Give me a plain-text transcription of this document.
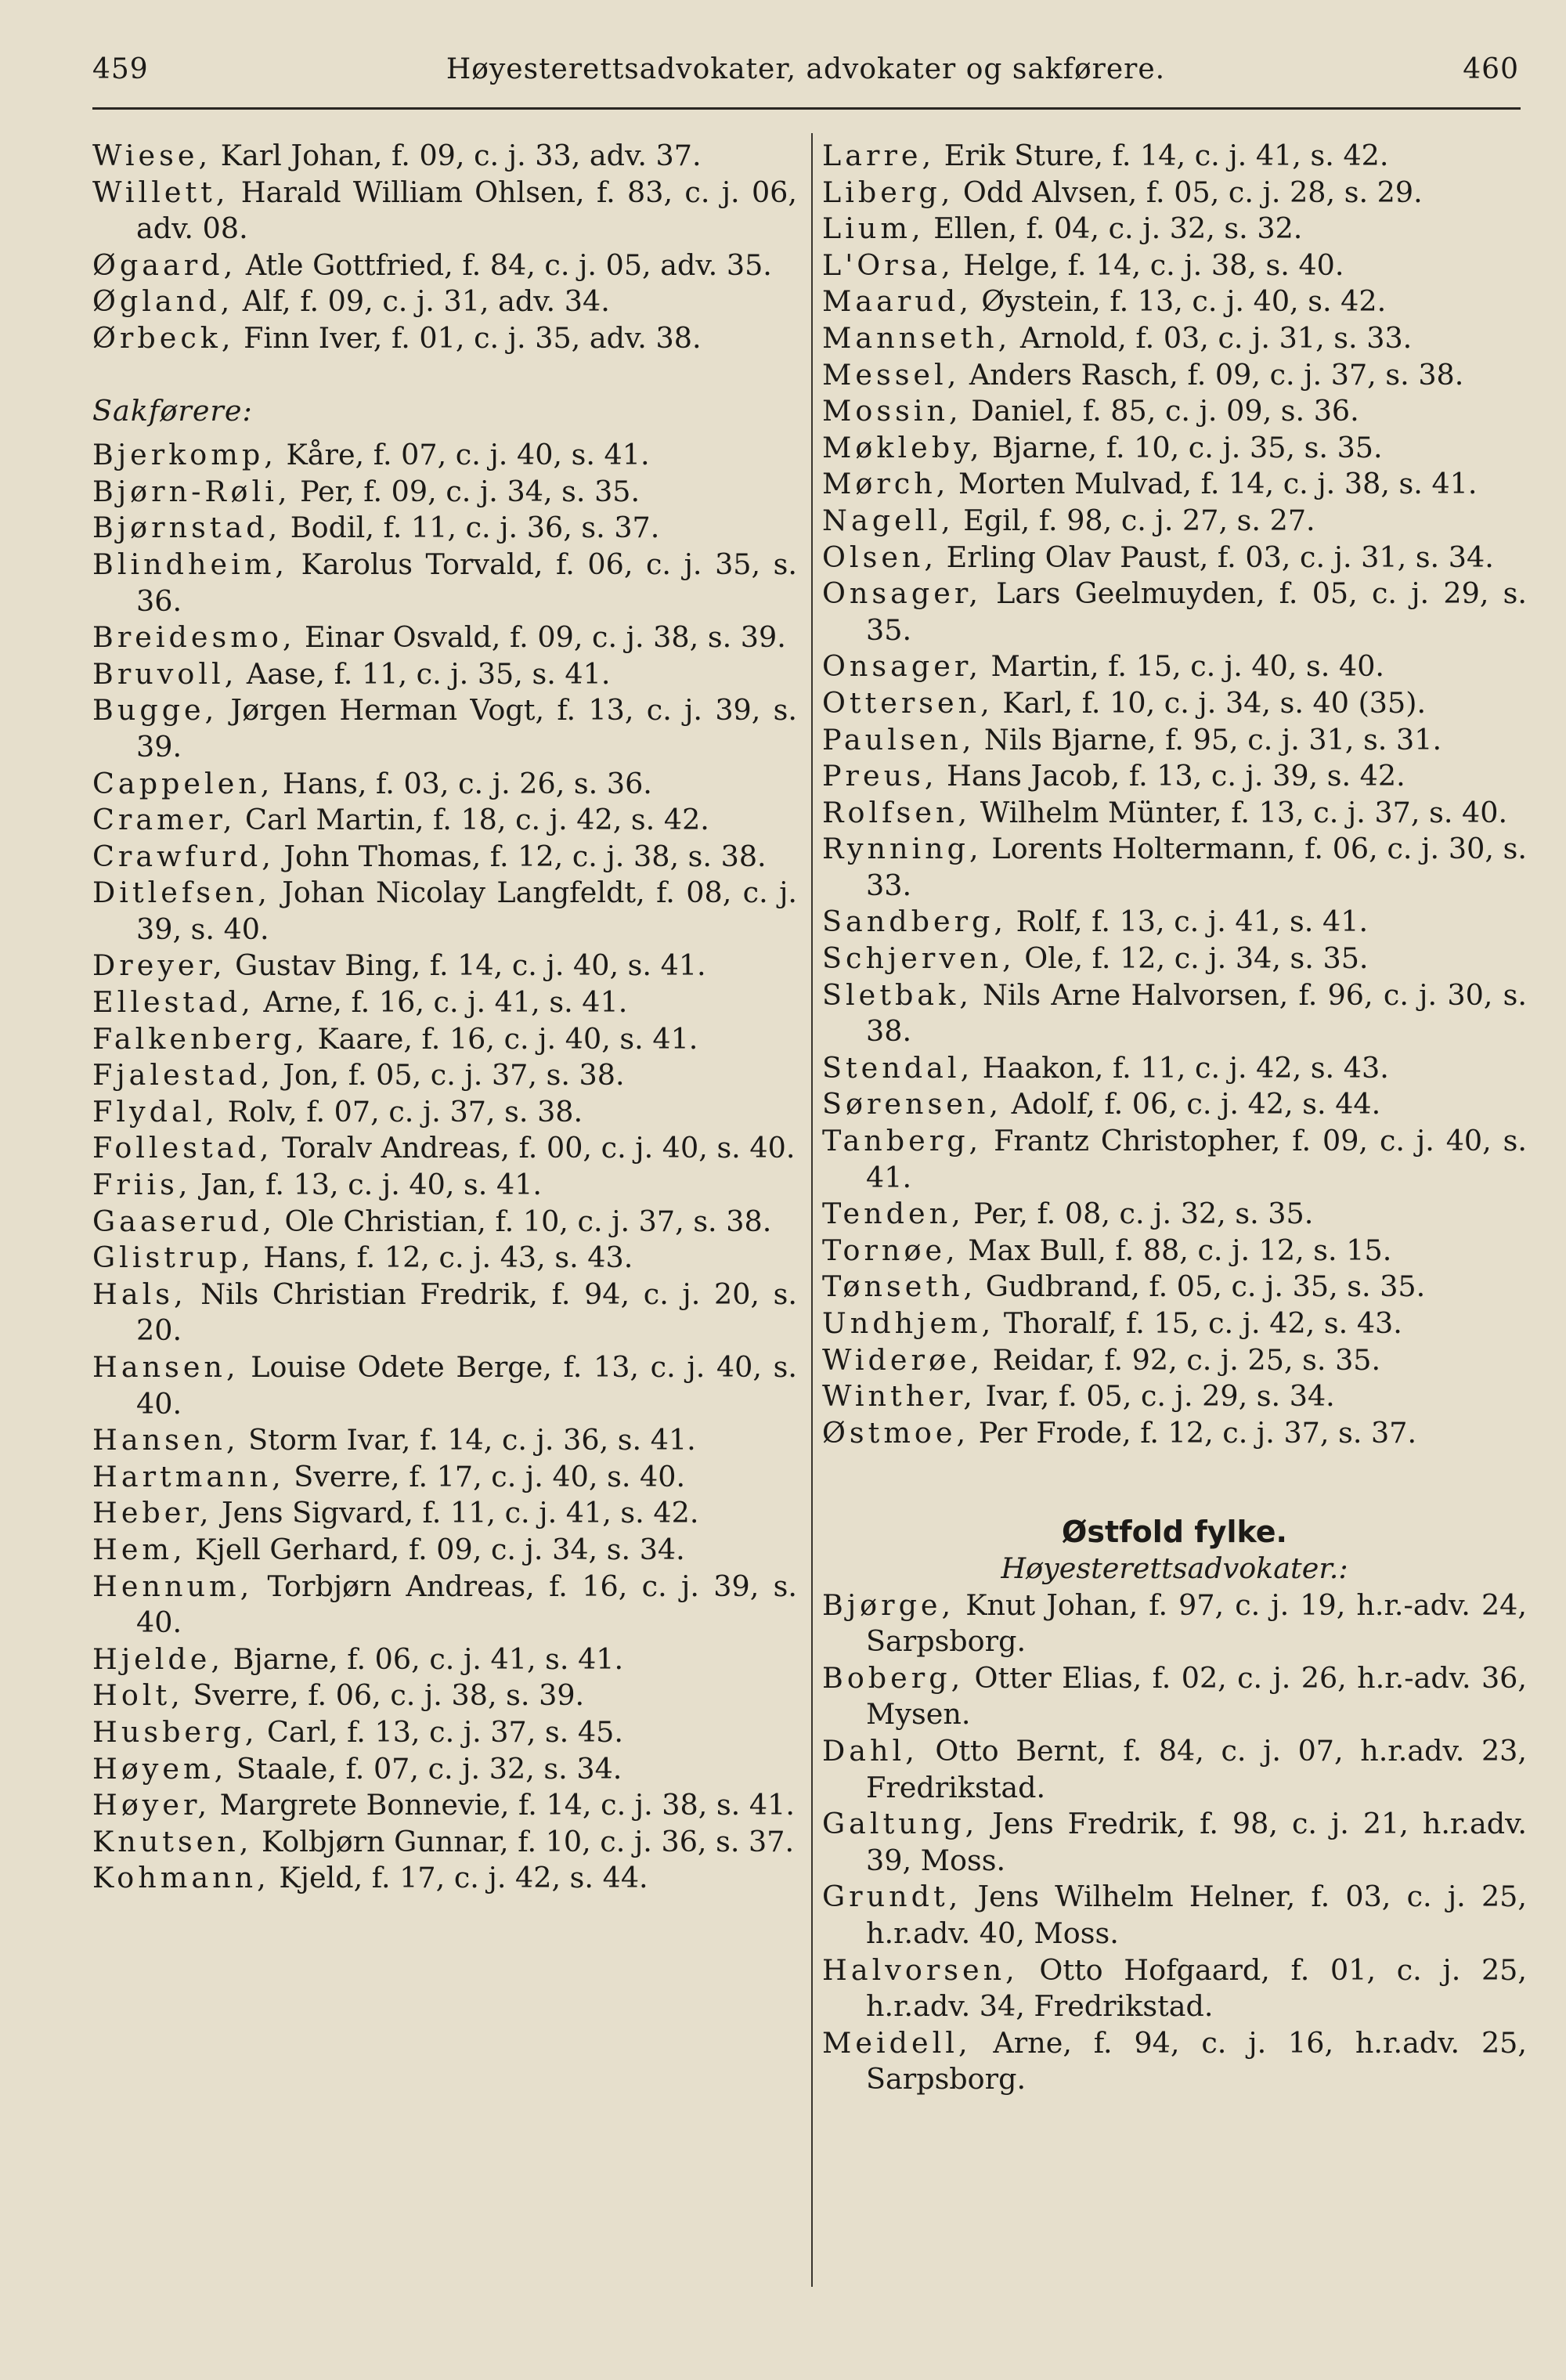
459	Høyesterettsadvokater, advokater og sakførere.	460
Wiese, Karl Johan, f. 09, c. j. 33, adv. 37.
Willett, Harald William Ohlsen, f. 83, c. j. 06, adv. 08.
Øgaard, Atle Gottfried, f. 84, c. j. 05, adv. 35.
Øgland, Alf, f. 09, c. j. 31, adv. 34.
Ørbeck, Finn Iver, f. 01, c. j. 35, adv. 38.
Sakførere:
Bjerkomp, Kåre, f. 07, c. j. 40, s. 41.
Bjørn-Røli, Per, f. 09, c. j. 34, s. 35.
Bjørnstad, Bodil, f. 11, c. j. 36, s. 37.
Blindheim, Karolus Torvald, f. 06, c. j. 35, s. 36.
Breidesmo, Einar Osvald, f. 09, c. j. 38, s. 39.
Bruvoll, Aase, f. 11, c. j. 35, s. 41.
Bugge, Jørgen Herman Vogt, f. 13, c. j. 39, s. 39.
Cappelen, Hans, f. 03, c. j. 26, s. 36.
Cramer, Carl Martin, f. 18, c. j. 42, s. 42.
Crawfurd, John Thomas, f. 12, c. j. 38, s. 38.
Ditlefsen, Johan Nicolay Langfeldt, f. 08, c. j. 39, s. 40.
Dreyer, Gustav Bing, f. 14, c. j. 40, s. 41.
Ellestad, Arne, f. 16, c. j. 41, s. 41.
Falkenberg, Kaare, f. 16, c. j. 40, s. 41.
Fjalestad, Jon, f. 05, c. j. 37, s. 38.
Flydal, Rolv, f. 07, c. j. 37, s. 38.
Follestad, Toralv Andreas, f. 00, c. j. 40, s. 40.
Friis, Jan, f. 13, c. j. 40, s. 41.
Gaaserud, Ole Christian, f. 10, c. j. 37, s. 38.
Glistrup, Hans, f. 12, c. j. 43, s. 43.
Hals, Nils Christian Fredrik, f. 94, c. j. 20, s. 20.
Hansen, Louise Odete Berge, f. 13, c. j. 40, s. 40.
Hansen, Storm Ivar, f. 14, c. j. 36, s. 41.
Hartmann, Sverre, f. 17, c. j. 40, s. 40.
Heber, Jens Sigvard, f. 11, c. j. 41, s. 42.
Hem, Kjell Gerhard, f. 09, c. j. 34, s. 34.
Hennum, Torbjørn Andreas, f. 16, c. j. 39, s. 40.
Hjelde, Bjarne, f. 06, c. j. 41, s. 41.
Holt, Sverre, f. 06, c. j. 38, s. 39.
Husberg, Carl, f. 13, c. j. 37, s. 45.
Høyem, Staale, f. 07, c. j. 32, s. 34.
Høyer, Margrete Bonnevie, f. 14, c. j. 38, s. 41.
Knutsen, Kolbjørn Gunnar, f. 10, c. j. 36, s. 37.
Kohmann, Kjeld, f. 17, c. j. 42, s. 44.
Larre, Erik Sture, f. 14, c. j. 41, s. 42.
Liberg, Odd Alvsen, f. 05, c. j. 28, s. 29.
Lium, Ellen, f. 04, c. j. 32, s. 32.
L'Orsa, Helge, f. 14, c. j. 38, s. 40.
Maarud, Øystein, f. 13, c. j. 40, s. 42.
Mannseth, Arnold, f. 03, c. j. 31, s. 33.
Messel, Anders Rasch, f. 09, c. j. 37, s. 38.
Mossin, Daniel, f. 85, c. j. 09, s. 36.
Møkleby, Bjarne, f. 10, c. j. 35, s. 35.
Mørch, Morten Mulvad, f. 14, c. j. 38, s. 41.
Nagell, Egil, f. 98, c. j. 27, s. 27.
Olsen, Erling Olav Paust, f. 03, c. j. 31, s. 34.
Onsager, Lars Geelmuyden, f. 05, c. j. 29, s. 35.
Onsager, Martin, f. 15, c. j. 40, s. 40.
Ottersen, Karl, f. 10, c. j. 34, s. 40 (35).
Paulsen, Nils Bjarne, f. 95, c. j. 31, s. 31.
Preus, Hans Jacob, f. 13, c. j. 39, s. 42.
Rolfsen, Wilhelm Münter, f. 13, c. j. 37, s. 40.
Rynning, Lorents Holtermann, f. 06, c. j. 30, s. 33.
Sandberg, Rolf, f. 13, c. j. 41, s. 41.
Schjerven, Ole, f. 12, c. j. 34, s. 35.
Sletbak, Nils Arne Halvorsen, f. 96, c. j. 30, s. 38.
Stendal, Haakon, f. 11, c. j. 42, s. 43.
Sørensen, Adolf, f. 06, c. j. 42, s. 44.
Tanberg, Frantz Christopher, f. 09, c. j. 40, s. 41.
Tenden, Per, f. 08, c. j. 32, s. 35.
Tornøe, Max Bull, f. 88, c. j. 12, s. 15.
Tønseth, Gudbrand, f. 05, c. j. 35, s. 35.
Undhjem, Thoralf, f. 15, c. j. 42, s. 43.
Widerøe, Reidar, f. 92, c. j. 25, s. 35.
Winther, Ivar, f. 05, c. j. 29, s. 34.
Østmoe, Per Frode, f. 12, c. j. 37, s. 37.
Østfold fylke.
Høyesterettsadvokater.:
Bjørge, Knut Johan, f. 97, c. j. 19, h.r.-adv. 24, Sarpsborg.
Boberg, Otter Elias, f. 02, c. j. 26, h.r.-adv. 36, Mysen.
Dahl, Otto Bernt, f. 84, c. j. 07, h.r.adv. 23, Fredrikstad.
Galtung, Jens Fredrik, f. 98, c. j. 21, h.r.adv. 39, Moss.
Grundt, Jens Wilhelm Helner, f. 03, c. j. 25, h.r.adv. 40, Moss.
Halvorsen, Otto Hofgaard, f. 01, c. j. 25, h.r.adv. 34, Fredrikstad.
Meidell, Arne, f. 94, c. j. 16, h.r.adv. 25, Sarpsborg.
